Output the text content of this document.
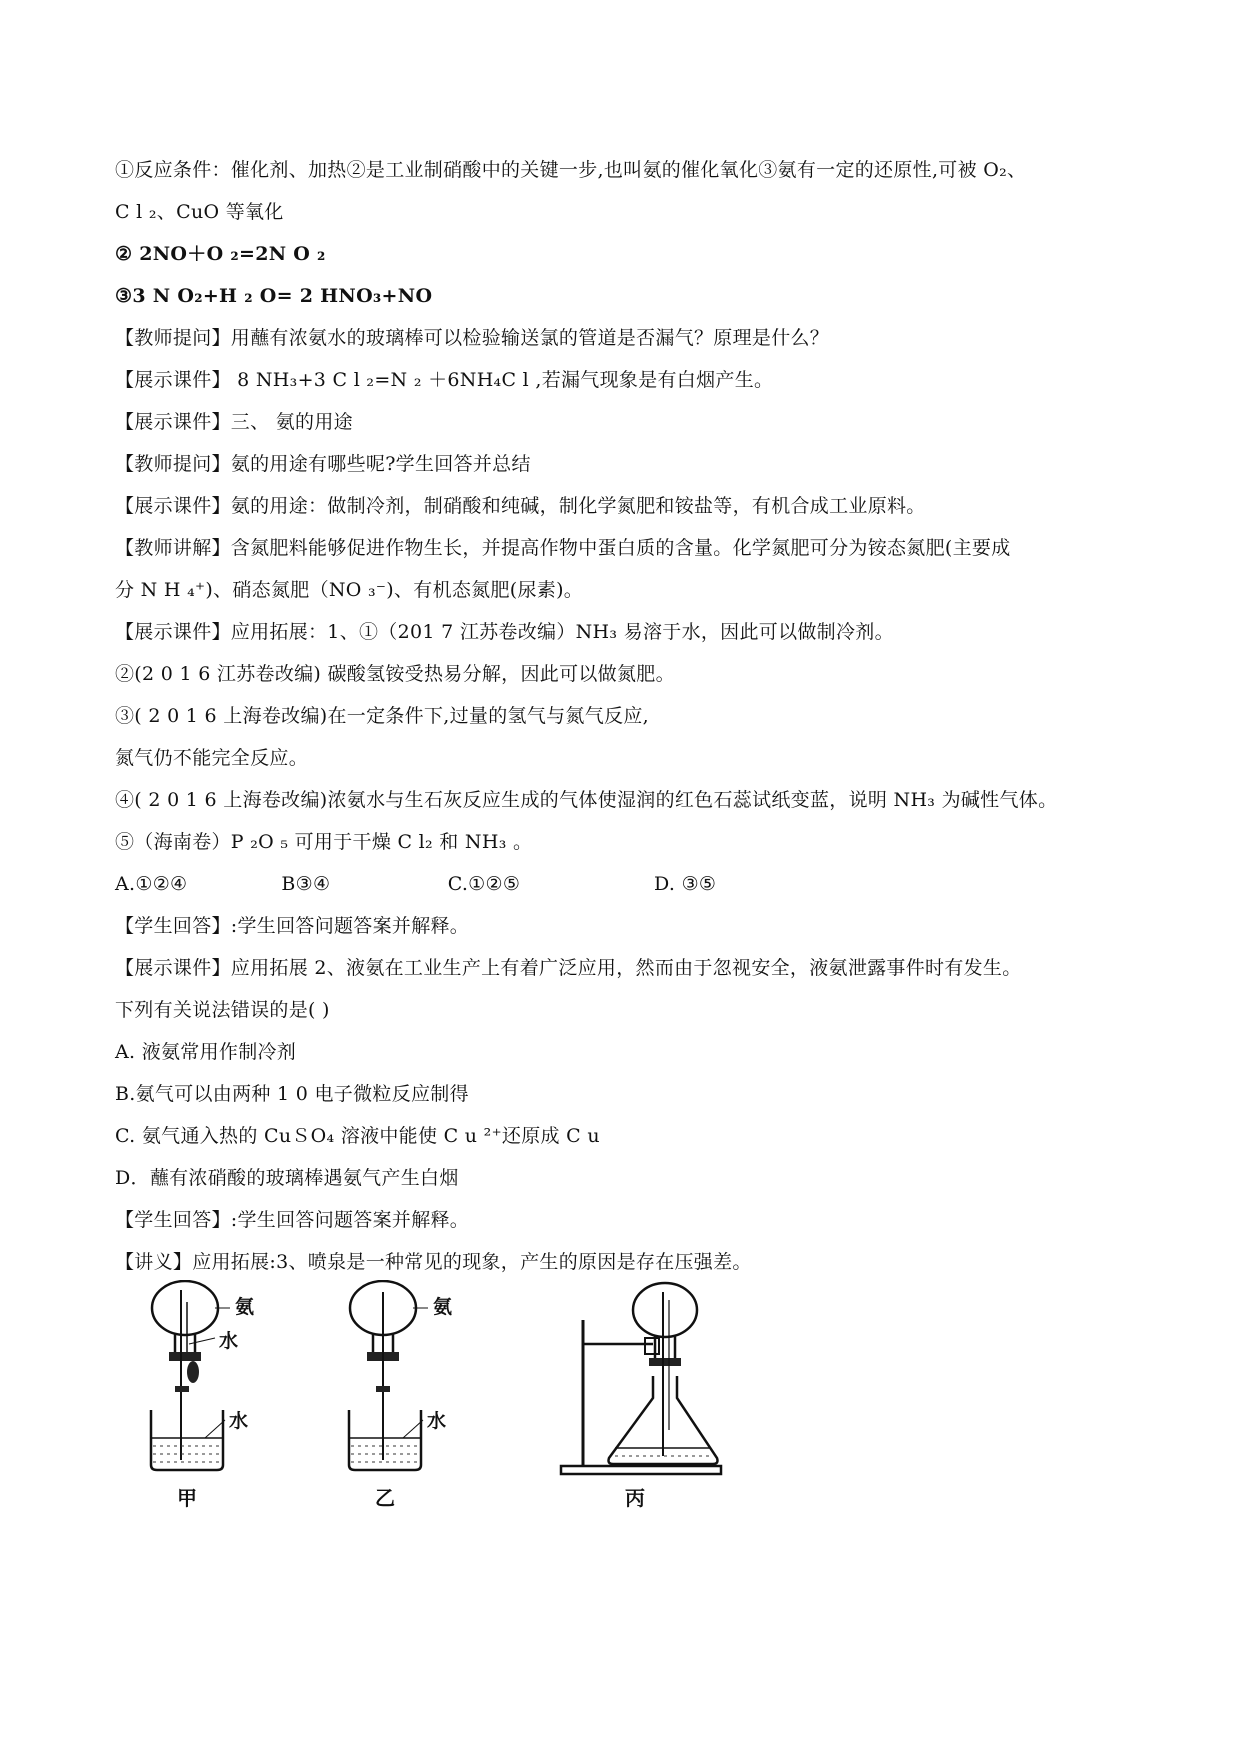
①反应条件：催化剂、加热②是工业制硝酸中的关键一步,也叫氨的催化氧化③氨有一定的还原性,可被 O₂、
C l ₂、CuO 等氧化
② 2NO＋O ₂=2N O ₂
③3 N O₂+H ₂ O= 2 HNO₃+NO
【教师提问】用蘸有浓氨水的玻璃棒可以检验输送氯的管道是否漏气？原理是什么？
【展示课件】 8 NH₃+3 C l ₂=N ₂ ＋6NH₄C l ,若漏气现象是有白烟产生。
【展示课件】三、 氨的用途
【教师提问】氨的用途有哪些呢?学生回答并总结
【展示课件】氨的用途：做制冷剂，制硝酸和纯碱，制化学氮肥和铵盐等，有机合成工业原料。
【教师讲解】含氮肥料能够促进作物生长，并提高作物中蛋白质的含量。化学氮肥可分为铵态氮肥(主要成
分 N H ₄⁺)、硝态氮肥（NO ₃⁻)、有机态氮肥(尿素)。
【展示课件】应用拓展：1、①（201 7 江苏卷改编）NH₃ 易溶于水，因此可以做制冷剂。
②(2 0 1 6 江苏卷改编) 碳酸氢铵受热易分解，因此可以做氮肥。
③( 2 0 1 6 上海卷改编)在一定条件下,过量的氢气与氮气反应,
氮气仍不能完全反应。
④( 2 0 1 6 上海卷改编)浓氨水与生石灰反应生成的气体使湿润的红色石蕊试纸变蓝，说明 NH₃ 为碱性气体。
⑤（海南卷）P ₂O ₅ 可用于干燥 C l₂ 和 NH₃ 。
A.①②④	B③④	C.①②⑤	D. ③⑤
【学生回答】:学生回答问题答案并解释。
【展示课件】应用拓展 2、液氨在工业生产上有着广泛应用，然而由于忽视安全，液氨泄露事件时有发生。
下列有关说法错误的是( )
A. 液氨常用作制冷剂
B.氨气可以由两种 1 0 电子微粒反应制得
C. 氨气通入热的 CuＳO₄ 溶液中能使 C u ²⁺还原成 C u
D．蘸有浓硝酸的玻璃棒遇氨气产生白烟
【学生回答】:学生回答问题答案并解释。
【讲义】应用拓展:3、喷泉是一种常见的现象，产生的原因是存在压强差。
氨
水
水
甲
氨
水
乙	丙
